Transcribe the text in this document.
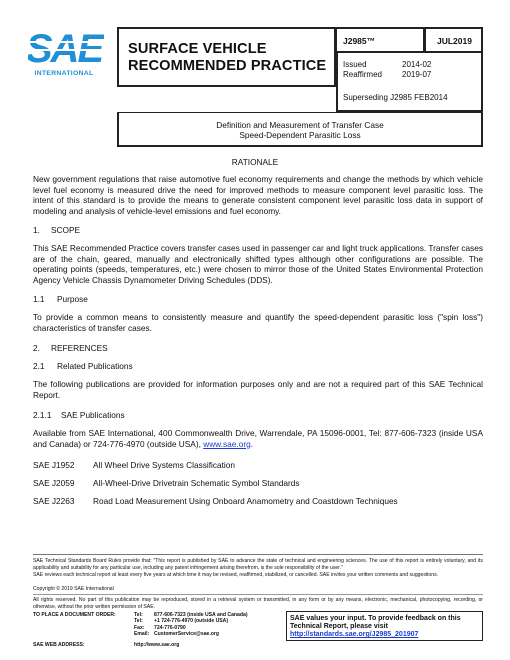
SAE
INTERNATIONAL
SURFACE VEHICLE
RECOMMENDED PRACTICE
J2985™	JUL2019
Issued	2014-02
Reaffirmed	2019-07
Superseding J2985 FEB2014
Definition and Measurement of Transfer Case
Speed-Dependent Parasitic Loss
RATIONALE
New government regulations that raise automotive fuel economy requirements and change the methods by which vehicle level fuel economy is measured drive the need for improved methods to measure component level parasitic loss. The intent of this standard is to provide the means to generate consistent component level parasitic loss data in support of modeling and analysis of vehicle-level emissions and fuel economy.
1. SCOPE
This SAE Recommended Practice covers transfer cases used in passenger car and light truck applications. Transfer cases are of the chain, geared, manually and electronically shifted types although other configurations are possible. The operating points (speeds, temperatures, etc.) were chosen to mirror those of the United States Environmental Protection Agency Vehicle Chassis Dynamometer Driving Schedules (DDS).
1.1 Purpose
To provide a common means to consistently measure and quantify the speed-dependent parasitic loss ("spin loss") characteristics of transfer cases.
2. REFERENCES
2.1 Related Publications
The following publications are provided for information purposes only and are not a required part of this SAE Technical Report.
2.1.1 SAE Publications
Available from SAE International, 400 Commonwealth Drive, Warrendale, PA 15096-0001, Tel: 877-606-7323 (inside USA and Canada) or 724-776-4970 (outside USA), www.sae.org.
SAE J1952 All Wheel Drive Systems Classification
SAE J2059 All-Wheel-Drive Drivetrain Schematic Symbol Standards
SAE J2263 Road Load Measurement Using Onboard Anamometry and Coastdown Techniques
SAE Technical Standards Board Rules provide that: "This report is published by SAE to advance the state of technical and engineering sciences. The use of this report is entirely voluntary, and its applicability and suitability for any particular use, including any patent infringement arising therefrom, is the sole responsibility of the user."
SAE reviews each technical report at least every five years at which time it may be revised, reaffirmed, stabilized, or cancelled. SAE invites your written comments and suggestions.
Copyright © 2019 SAE International
All rights reserved. No part of this publication may be reproduced, stored in a retrieval system or transmitted, in any form or by any means, electronic, mechanical, photocopying, recording, or otherwise, without the prior written permission of SAE.
TO PLACE A DOCUMENT ORDER:	Tel: 877-606-7323 (inside USA and Canada)
Tel: +1 724-776-4970 (outside USA)
Fax: 724-776-0790
Email: CustomerService@sae.org
SAE WEB ADDRESS:	http://www.sae.org
SAE values your input. To provide feedback on this
Technical Report, please visit
http://standards.sae.org/J2985_201907
